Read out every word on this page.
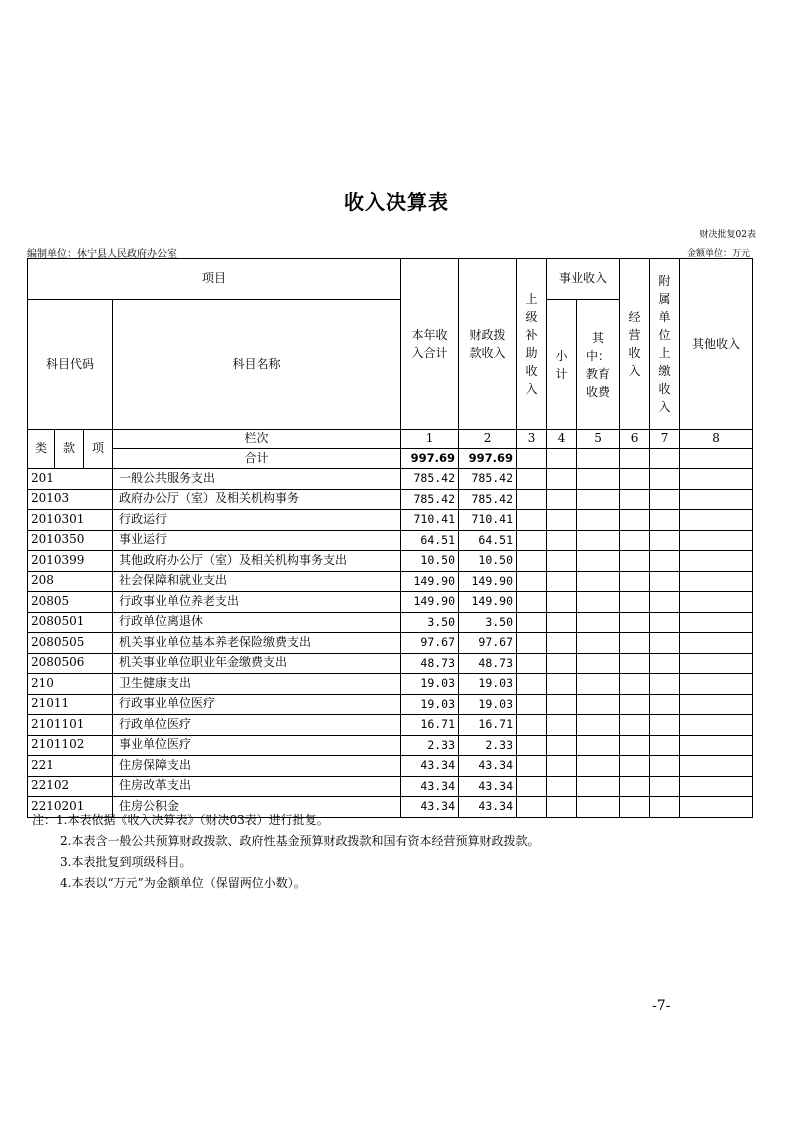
收入决算表
财决批复02表
编制单位：休宁县人民政府办公室	金额单位：万元
项目				本年收入合计	财政拨款收入	上级补助收入	事业收入		经营收入	附属单位上缴收入	其他收入
科目代码			科目名称				小计	其中：教育收费			
类	款	项	栏次	1	2	3	4	5	6	7	8
			合计	997.69	997.69						
201			一般公共服务支出	785.42	785.42						
20103			政府办公厅（室）及相关机构事务	785.42	785.42						
2010301			行政运行	710.41	710.41						
2010350			事业运行	64.51	64.51						
2010399			其他政府办公厅（室）及相关机构事务支出	10.50	10.50						
208			社会保障和就业支出	149.90	149.90						
20805			行政事业单位养老支出	149.90	149.90						
2080501			行政单位离退休	3.50	3.50						
2080505			机关事业单位基本养老保险缴费支出	97.67	97.67						
2080506			机关事业单位职业年金缴费支出	48.73	48.73						
210			卫生健康支出	19.03	19.03						
21011			行政事业单位医疗	19.03	19.03						
2101101			行政单位医疗	16.71	16.71						
2101102			事业单位医疗	2.33	2.33						
221			住房保障支出	43.34	43.34						
22102			住房改革支出	43.34	43.34						
2210201			住房公积金	43.34	43.34						
注：1.本表依据《收入决算表》（财决03表）进行批复。
2.本表含一般公共预算财政拨款、政府性基金预算财政拨款和国有资本经营预算财政拨款。
3.本表批复到项级科目。
4.本表以“万元”为金额单位（保留两位小数）。
-7-
